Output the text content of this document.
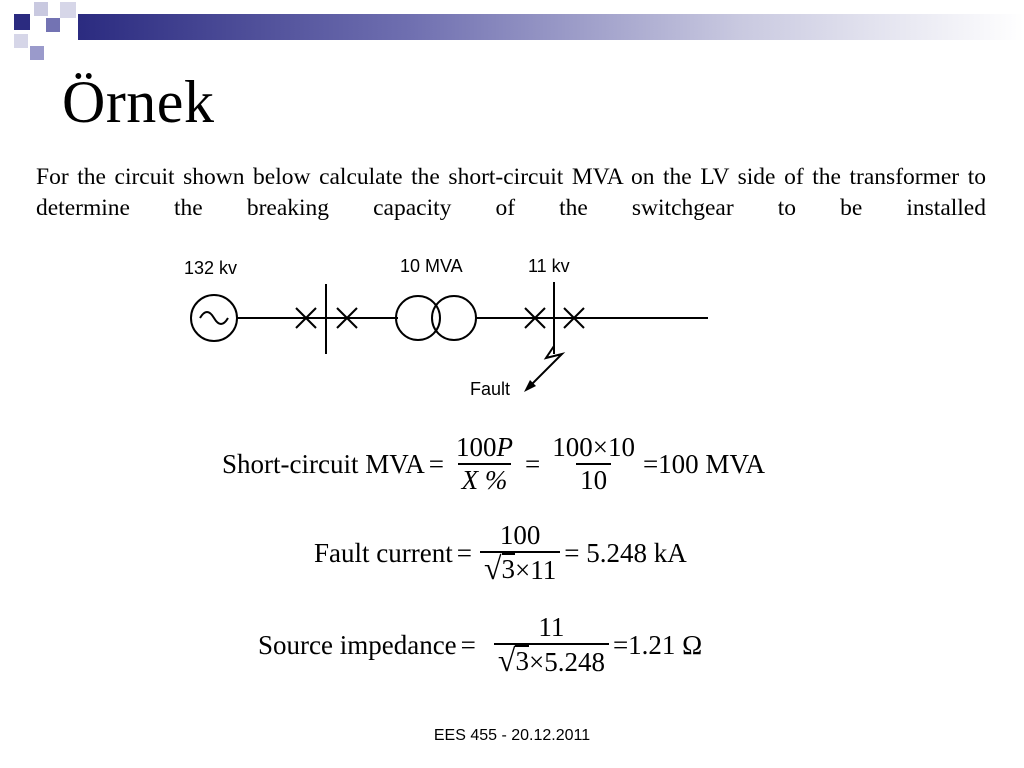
Örnek

For the circuit shown below calculate the short-circuit MVA on the LV side of the transformer to determine the breaking capacity of the switchgear to be installed

132 kv	10 MVA	11 kv
Fault
Short-circuit MVA = $\frac{100P}{X \%} = \frac{100\times 10}{10} =100$ MVA
Fault current = $\frac{100}{√ 3 \times 11} = 5.248$ kA
Source impedance = $\frac{11}{√ 3 \times 5.248} =1.21$ Ω
EES 455 - 20.12.2011
